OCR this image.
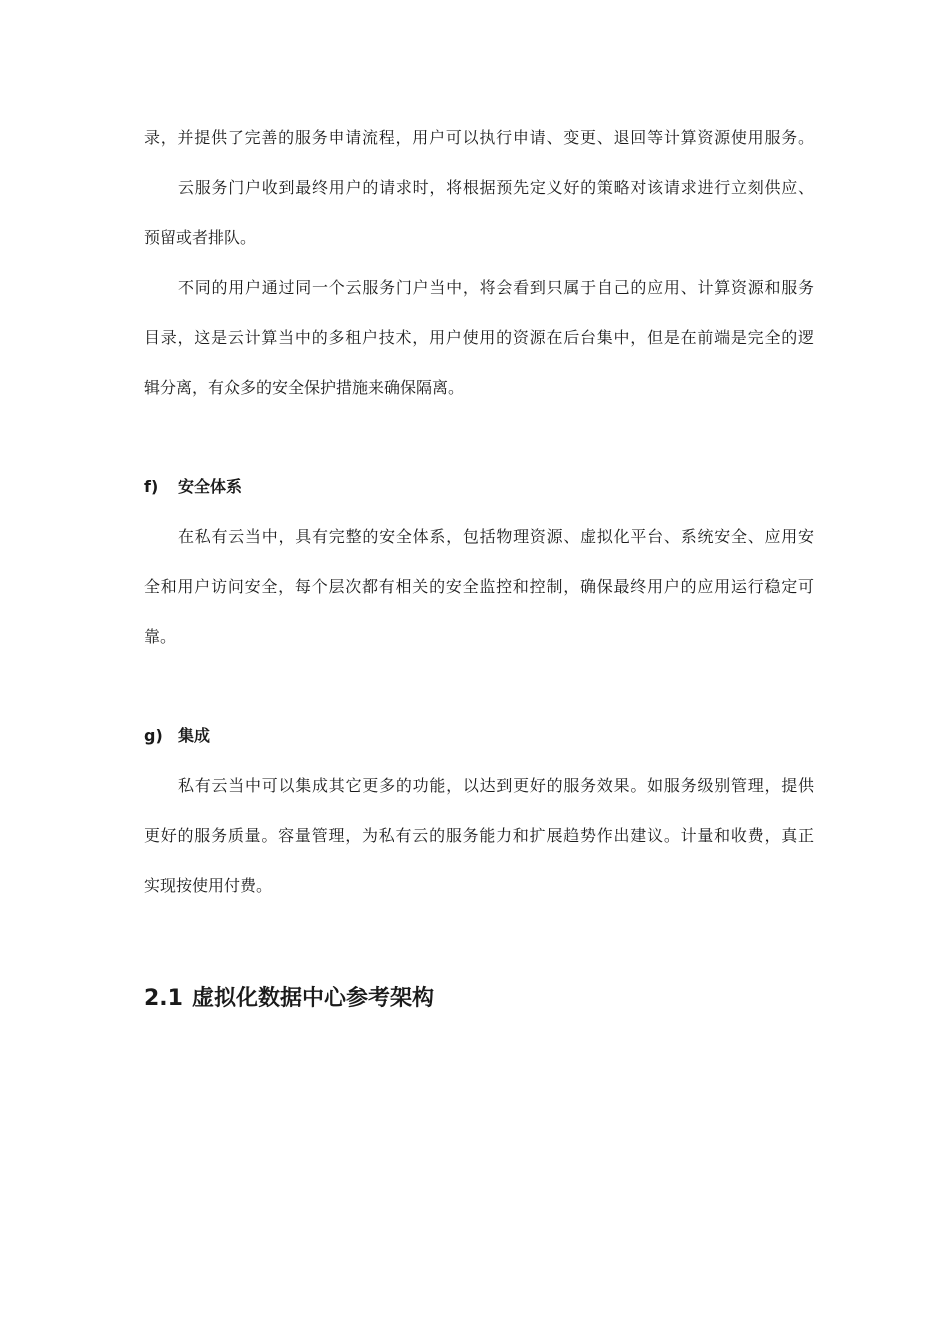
录，并提供了完善的服务申请流程，用户可以执行申请、变更、退回等计算资源使用服务。
云服务门户收到最终用户的请求时，将根据预先定义好的策略对该请求进行立刻供应、
预留或者排队。
不同的用户通过同一个云服务门户当中，将会看到只属于自己的应用、计算资源和服务
目录，这是云计算当中的多租户技术，用户使用的资源在后台集中，但是在前端是完全的逻
辑分离，有众多的安全保护措施来确保隔离。
f) 安全体系
在私有云当中，具有完整的安全体系，包括物理资源、虚拟化平台、系统安全、应用安
全和用户访问安全，每个层次都有相关的安全监控和控制，确保最终用户的应用运行稳定可
靠。
g) 集成
私有云当中可以集成其它更多的功能，以达到更好的服务效果。如服务级别管理，提供
更好的服务质量。容量管理，为私有云的服务能力和扩展趋势作出建议。计量和收费，真正
实现按使用付费。
2.1 虚拟化数据中心参考架构
